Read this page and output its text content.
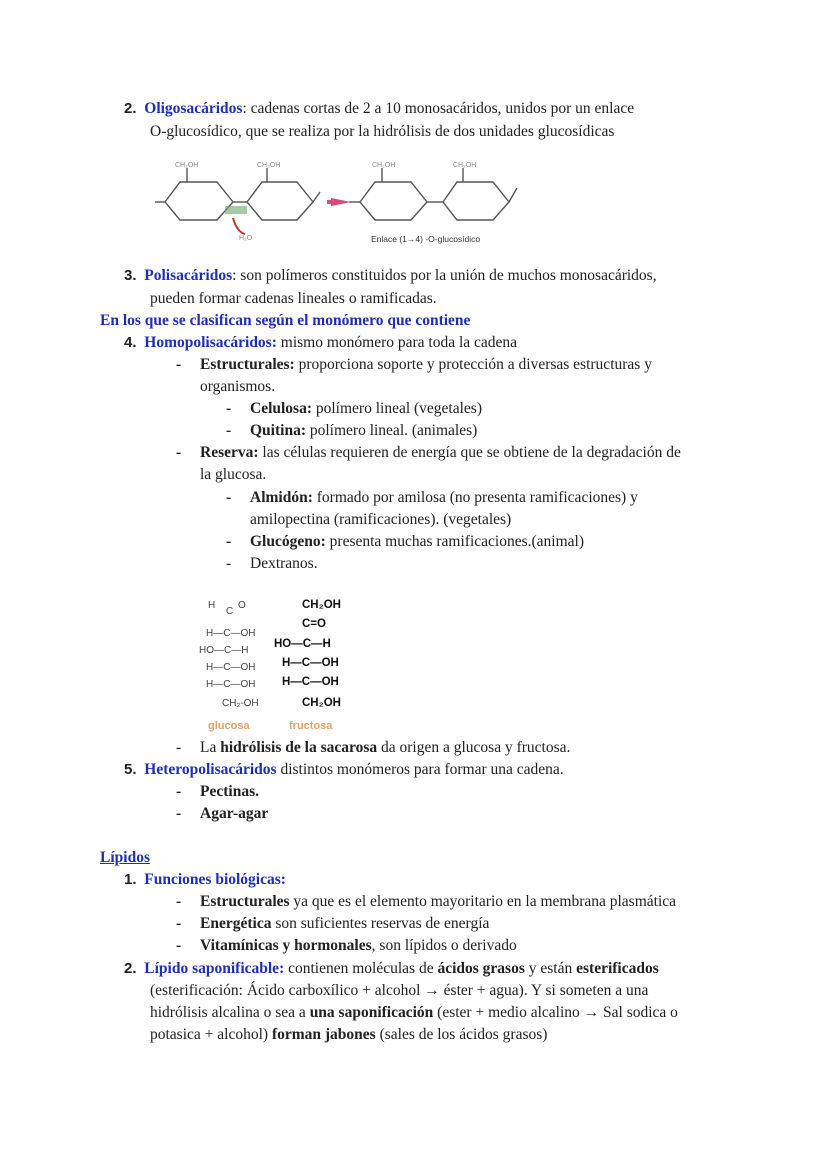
2. Oligosacáridos: cadenas cortas de 2 a 10 monosacáridos, unidos por un enlace
O-glucosídico, que se realiza por la hidrólisis de dos unidades glucosídicas
CH₂OH	CH₂OH	CH₂OH	CH₂OH
H₂O	Enlace (1→4) -O-glucosídico
3. Polisacáridos: son polímeros constituidos por la unión de muchos monosacáridos,
pueden formar cadenas lineales o ramificadas.
En los que se clasifican según el monómero que contiene
4. Homopolisacáridos: mismo monómero para toda la cadena
- Estructurales: proporciona soporte y protección a diversas estructuras y
organismos.
- Celulosa: polímero lineal (vegetales)
- Quitina: polímero lineal. (animales)
- Reserva: las células requieren de energía que se obtiene de la degradación de
la glucosa.
- Almidón: formado por amilosa (no presenta ramificaciones) y
amilopectina (ramificaciones). (vegetales)
- Glucógeno: presenta muchas ramificaciones.(animal)
- Dextranos.
H
C
O
H—C—OH
HO—C—H
H—C—OH
H—C—OH
CH₂-OH
CH₂OH
C=O
HO—C—H
H—C—OH
H—C—OH
CH₂OH
glucosa	fructosa
- La hidrólisis de la sacarosa da origen a glucosa y fructosa.
5. Heteropolisacáridos distintos monómeros para formar una cadena.
- Pectinas.
- Agar-agar
Lípidos
1. Funciones biológicas:
- Estructurales ya que es el elemento mayoritario en la membrana plasmática
- Energética son suficientes reservas de energía
- Vitamínicas y hormonales, son lípidos o derivado
2. Lípido saponificable: contienen moléculas de ácidos grasos y están esterificados
(esterificación: Ácido carboxílico + alcohol → éster + agua). Y si someten a una
hidrólisis alcalina o sea a una saponificación (ester + medio alcalino → Sal sodica o
potasica + alcohol) forman jabones (sales de los ácidos grasos)
